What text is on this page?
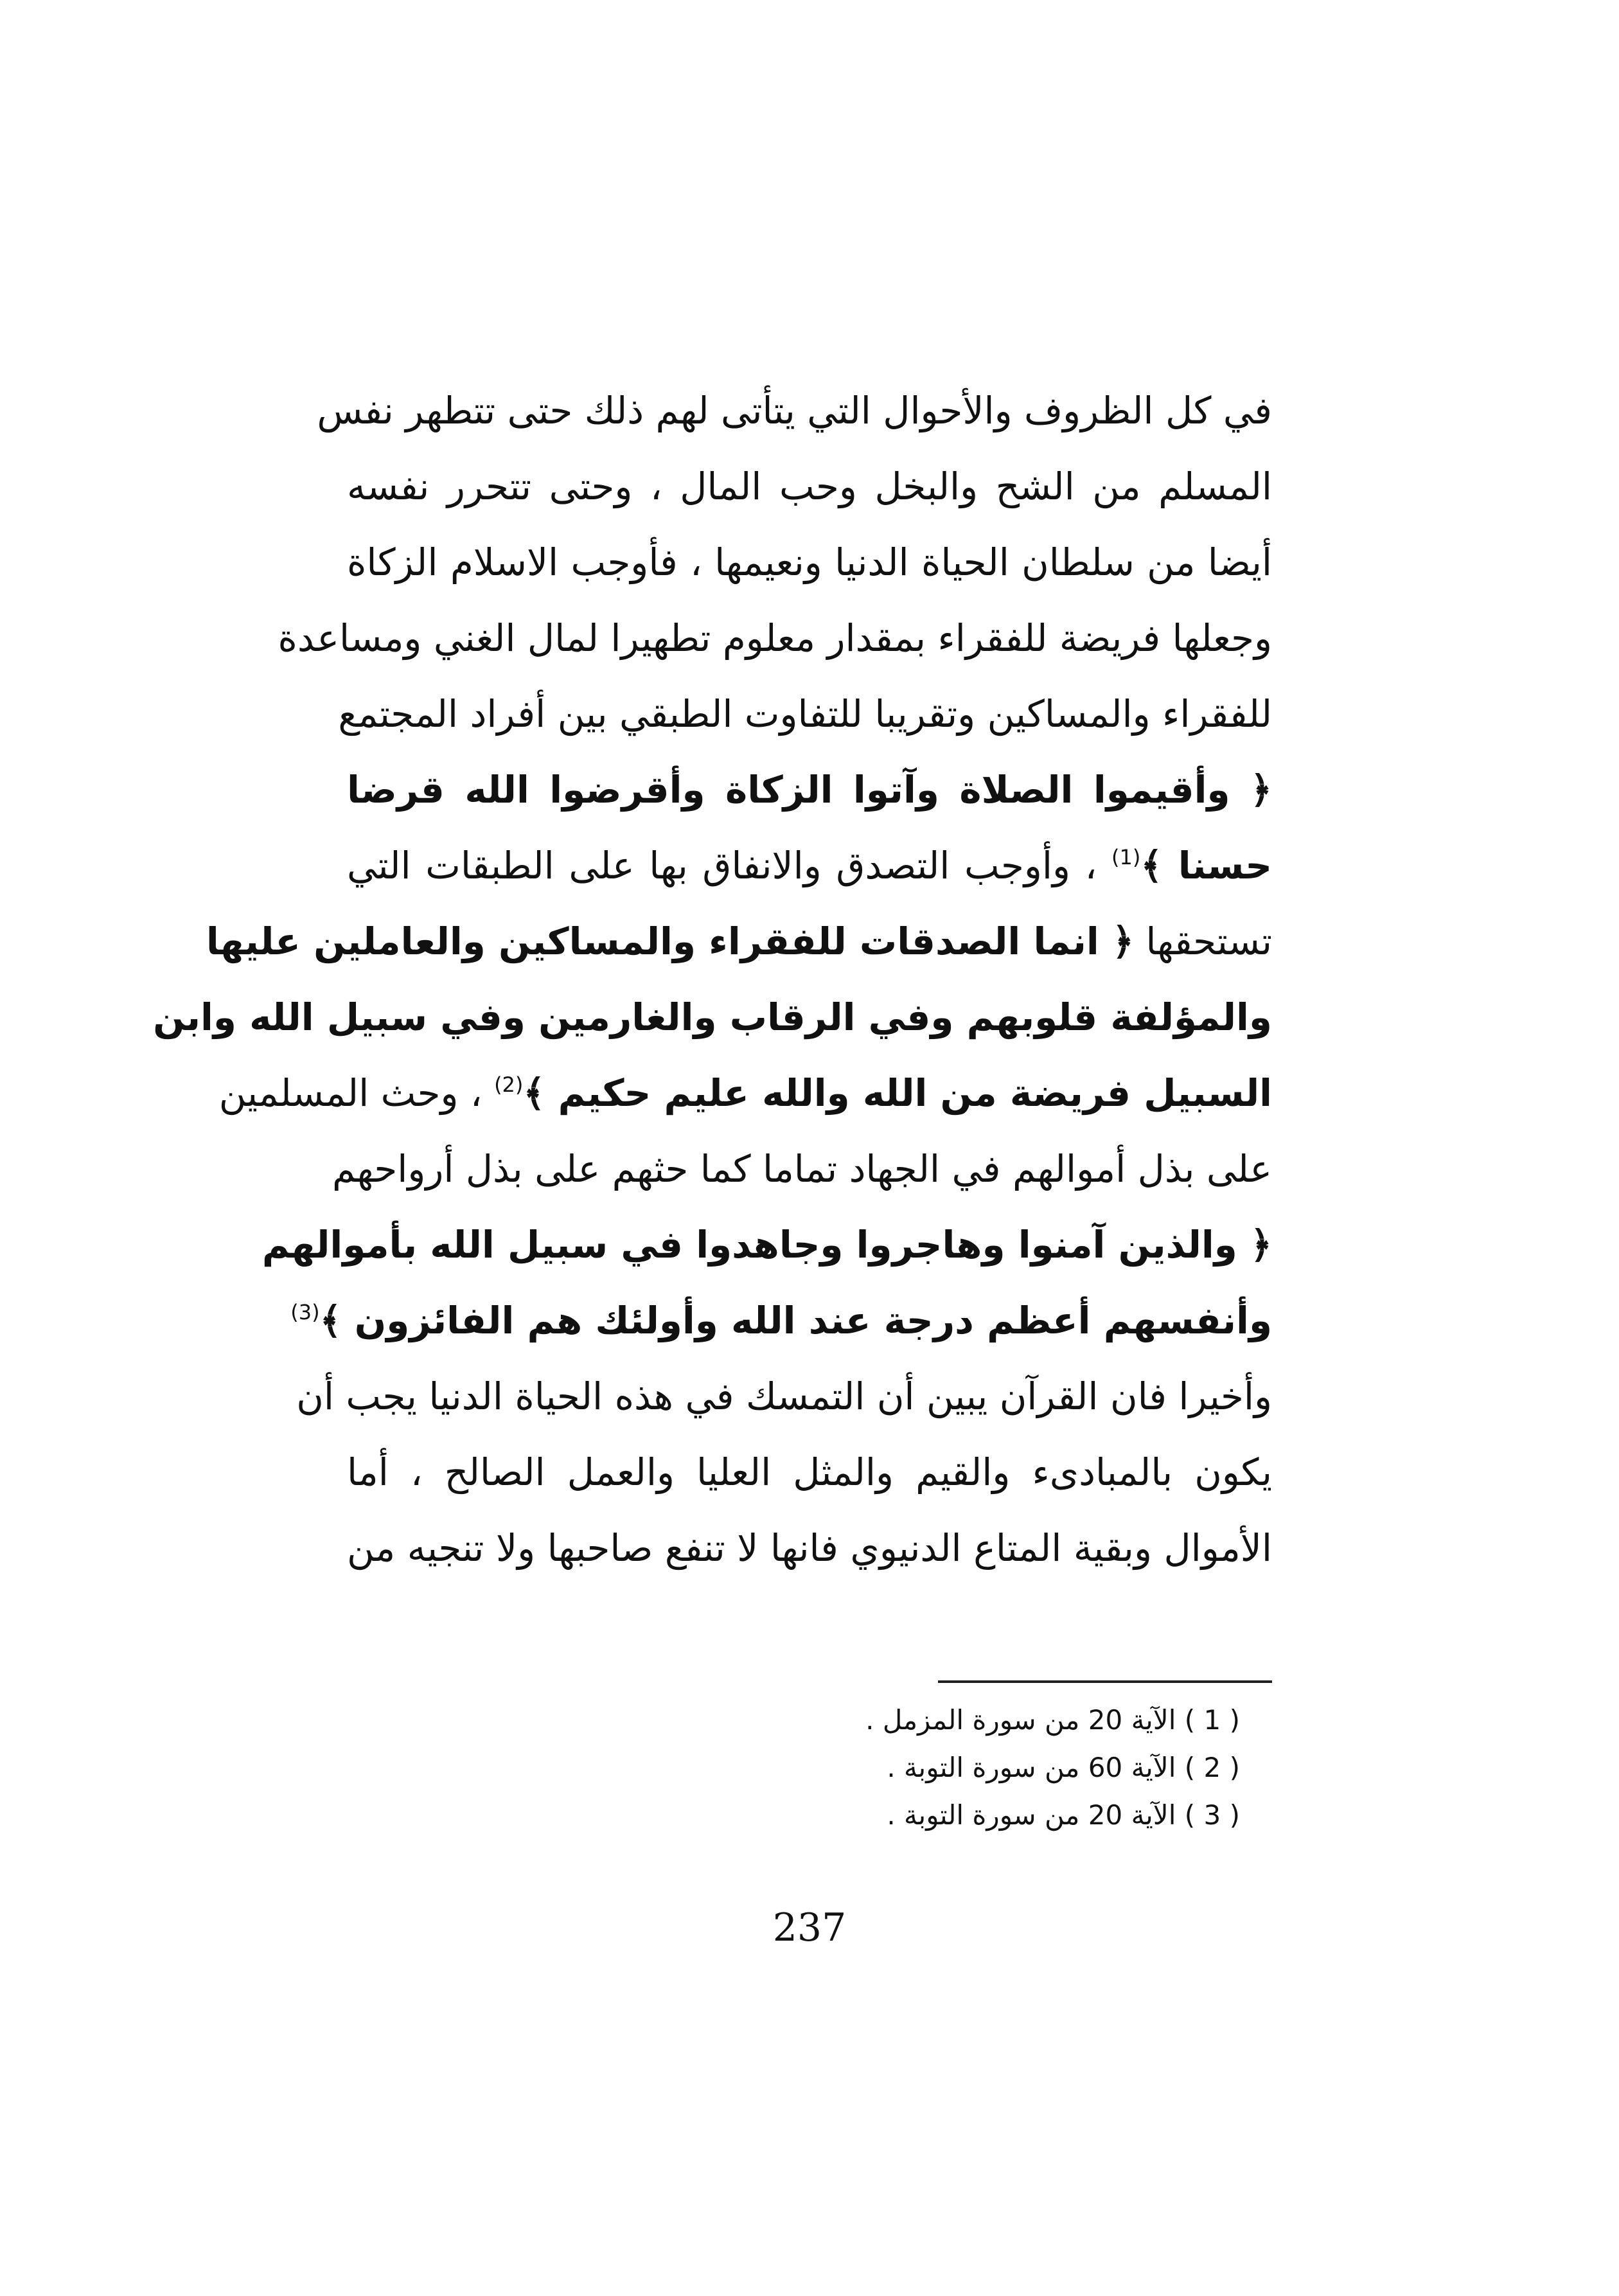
في كل الظروف والأحوال التي يتأتى لهم ذلك حتى تتطهر نفس
المسلم من الشح والبخل وحب المال ، وحتى تتحرر نفسه
أيضا من سلطان الحياة الدنيا ونعيمها ، فأوجب الاسلام الزكاة
وجعلها فريضة للفقراء بمقدار معلوم تطهيرا لمال الغني ومساعدة
للفقراء والمساكين وتقريبا للتفاوت الطبقي بين أفراد المجتمع
﴿ وأقيموا الصلاة وآتوا الزكاة وأقرضوا الله قرضا
حسنا ﴾$^{(1)}$ ، وأوجب التصدق والانفاق بها على الطبقات التي
تستحقها ﴿ انما الصدقات للفقراء والمساكين والعاملين عليها
والمؤلفة قلوبهم وفي الرقاب والغارمين وفي سبيل الله وابن
السبيل فريضة من الله والله عليم حكيم ﴾$^{(2)}$ ، وحث المسلمين
على بذل أموالهم في الجهاد تماما كما حثهم على بذل أرواحهم
﴿ والذين آمنوا وهاجروا وجاهدوا في سبيل الله بأموالهم
وأنفسهم أعظم درجة عند الله وأولئك هم الفائزون ﴾$^{(3)}$
وأخيرا فان القرآن يبين أن التمسك في هذه الحياة الدنيا يجب أن
يكون بالمبادىء والقيم والمثل العليا والعمل الصالح ، أما
الأموال وبقية المتاع الدنيوي فانها لا تنفع صاحبها ولا تنجيه من
( 1 ) الآية 20 من سورة المزمل .
( 2 ) الآية 60 من سورة التوبة .
( 3 ) الآية 20 من سورة التوبة .
237
